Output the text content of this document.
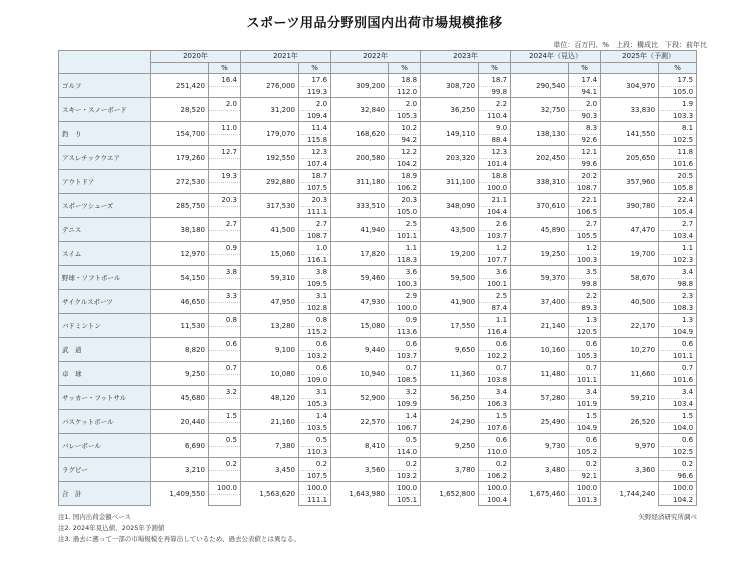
スポーツ用品分野別国内出荷市場規模推移
単位：百万円、%　上段：構成比　下段：前年比
	2020年		2021年		2022年		2023年		2024年（見込）		2025年（予測）	
		%		%		%		%		%		%
ゴルフ	251,420	16.4	276,000	17.6	309,200	18.8	308,720	18.7	290,540	17.4	304,970	17.5
				119.3		112.0		99.8		94.1		105.0
スキー・スノーボード	28,520	2.0	31,200	2.0	32,840	2.0	36,250	2.2	32,750	2.0	33,830	1.9
				109.4		105.3		110.4		90.3		103.3
釣　り	154,700	11.0	179,070	11.4	168,620	10.2	149,110	9.0	138,130	8.3	141,550	8.1
				115.8		94.2		88.4		92.6		102.5
アスレチックウエア	179,260	12.7	192,550	12.3	200,580	12.2	203,320	12.3	202,450	12.1	205,650	11.8
				107.4		104.2		101.4		99.6		101.6
アウトドア	272,530	19.3	292,880	18.7	311,180	18.9	311,100	18.8	338,310	20.2	357,960	20.5
				107.5		106.2		100.0		108.7		105.8
スポーツシューズ	285,750	20.3	317,530	20.3	333,510	20.3	348,090	21.1	370,610	22.1	390,780	22.4
				111.1		105.0		104.4		106.5		105.4
テニス	38,180	2.7	41,500	2.7	41,940	2.5	43,500	2.6	45,890	2.7	47,470	2.7
				108.7		101.1		103.7		105.5		103.4
スイム	12,970	0.9	15,060	1.0	17,820	1.1	19,200	1.2	19,250	1.2	19,700	1.1
				116.1		118.3		107.7		100.3		102.3
野球・ソフトボール	54,150	3.8	59,310	3.8	59,460	3.6	59,500	3.6	59,370	3.5	58,670	3.4
				109.5		100.3		100.1		99.8		98.8
サイクルスポーツ	46,650	3.3	47,950	3.1	47,930	2.9	41,900	2.5	37,400	2.2	40,500	2.3
				102.8		100.0		87.4		89.3		108.3
バドミントン	11,530	0.8	13,280	0.8	15,080	0.9	17,550	1.1	21,140	1.3	22,170	1.3
				115.2		113.6		116.4		120.5		104.9
武　道	8,820	0.6	9,100	0.6	9,440	0.6	9,650	0.6	10,160	0.6	10,270	0.6
				103.2		103.7		102.2		105.3		101.1
卓　球	9,250	0.7	10,080	0.6	10,940	0.7	11,360	0.7	11,480	0.7	11,660	0.7
				109.0		108.5		103.8		101.1		101.6
サッカー・フットサル	45,680	3.2	48,120	3.1	52,900	3.2	56,250	3.4	57,280	3.4	59,210	3.4
				105.3		109.9		106.3		101.9		103.4
バスケットボール	20,440	1.5	21,160	1.4	22,570	1.4	24,290	1.5	25,490	1.5	26,520	1.5
				103.5		106.7		107.6		104.9		104.0
バレーボール	6,690	0.5	7,380	0.5	8,410	0.5	9,250	0.6	9,730	0.6	9,970	0.6
				110.3		114.0		110.0		105.2		102.5
ラグビー	3,210	0.2	3,450	0.2	3,560	0.2	3,780	0.2	3,480	0.2	3,360	0.2
				107.5		103.2		106.2		92.1		96.6
合　計	1,409,550	100.0	1,563,620	100.0	1,643,980	100.0	1,652,800	100.0	1,675,460	100.0	1,744,240	100.0
				111.1		105.1		100.4		101.3		104.2
注1. 国内出荷金額ベース
注2. 2024年見込値、2025年予測値
注3. 過去に遡って一部の市場規模を再算出しているため、過去公表値とは異なる。
矢野経済研究所調べ
